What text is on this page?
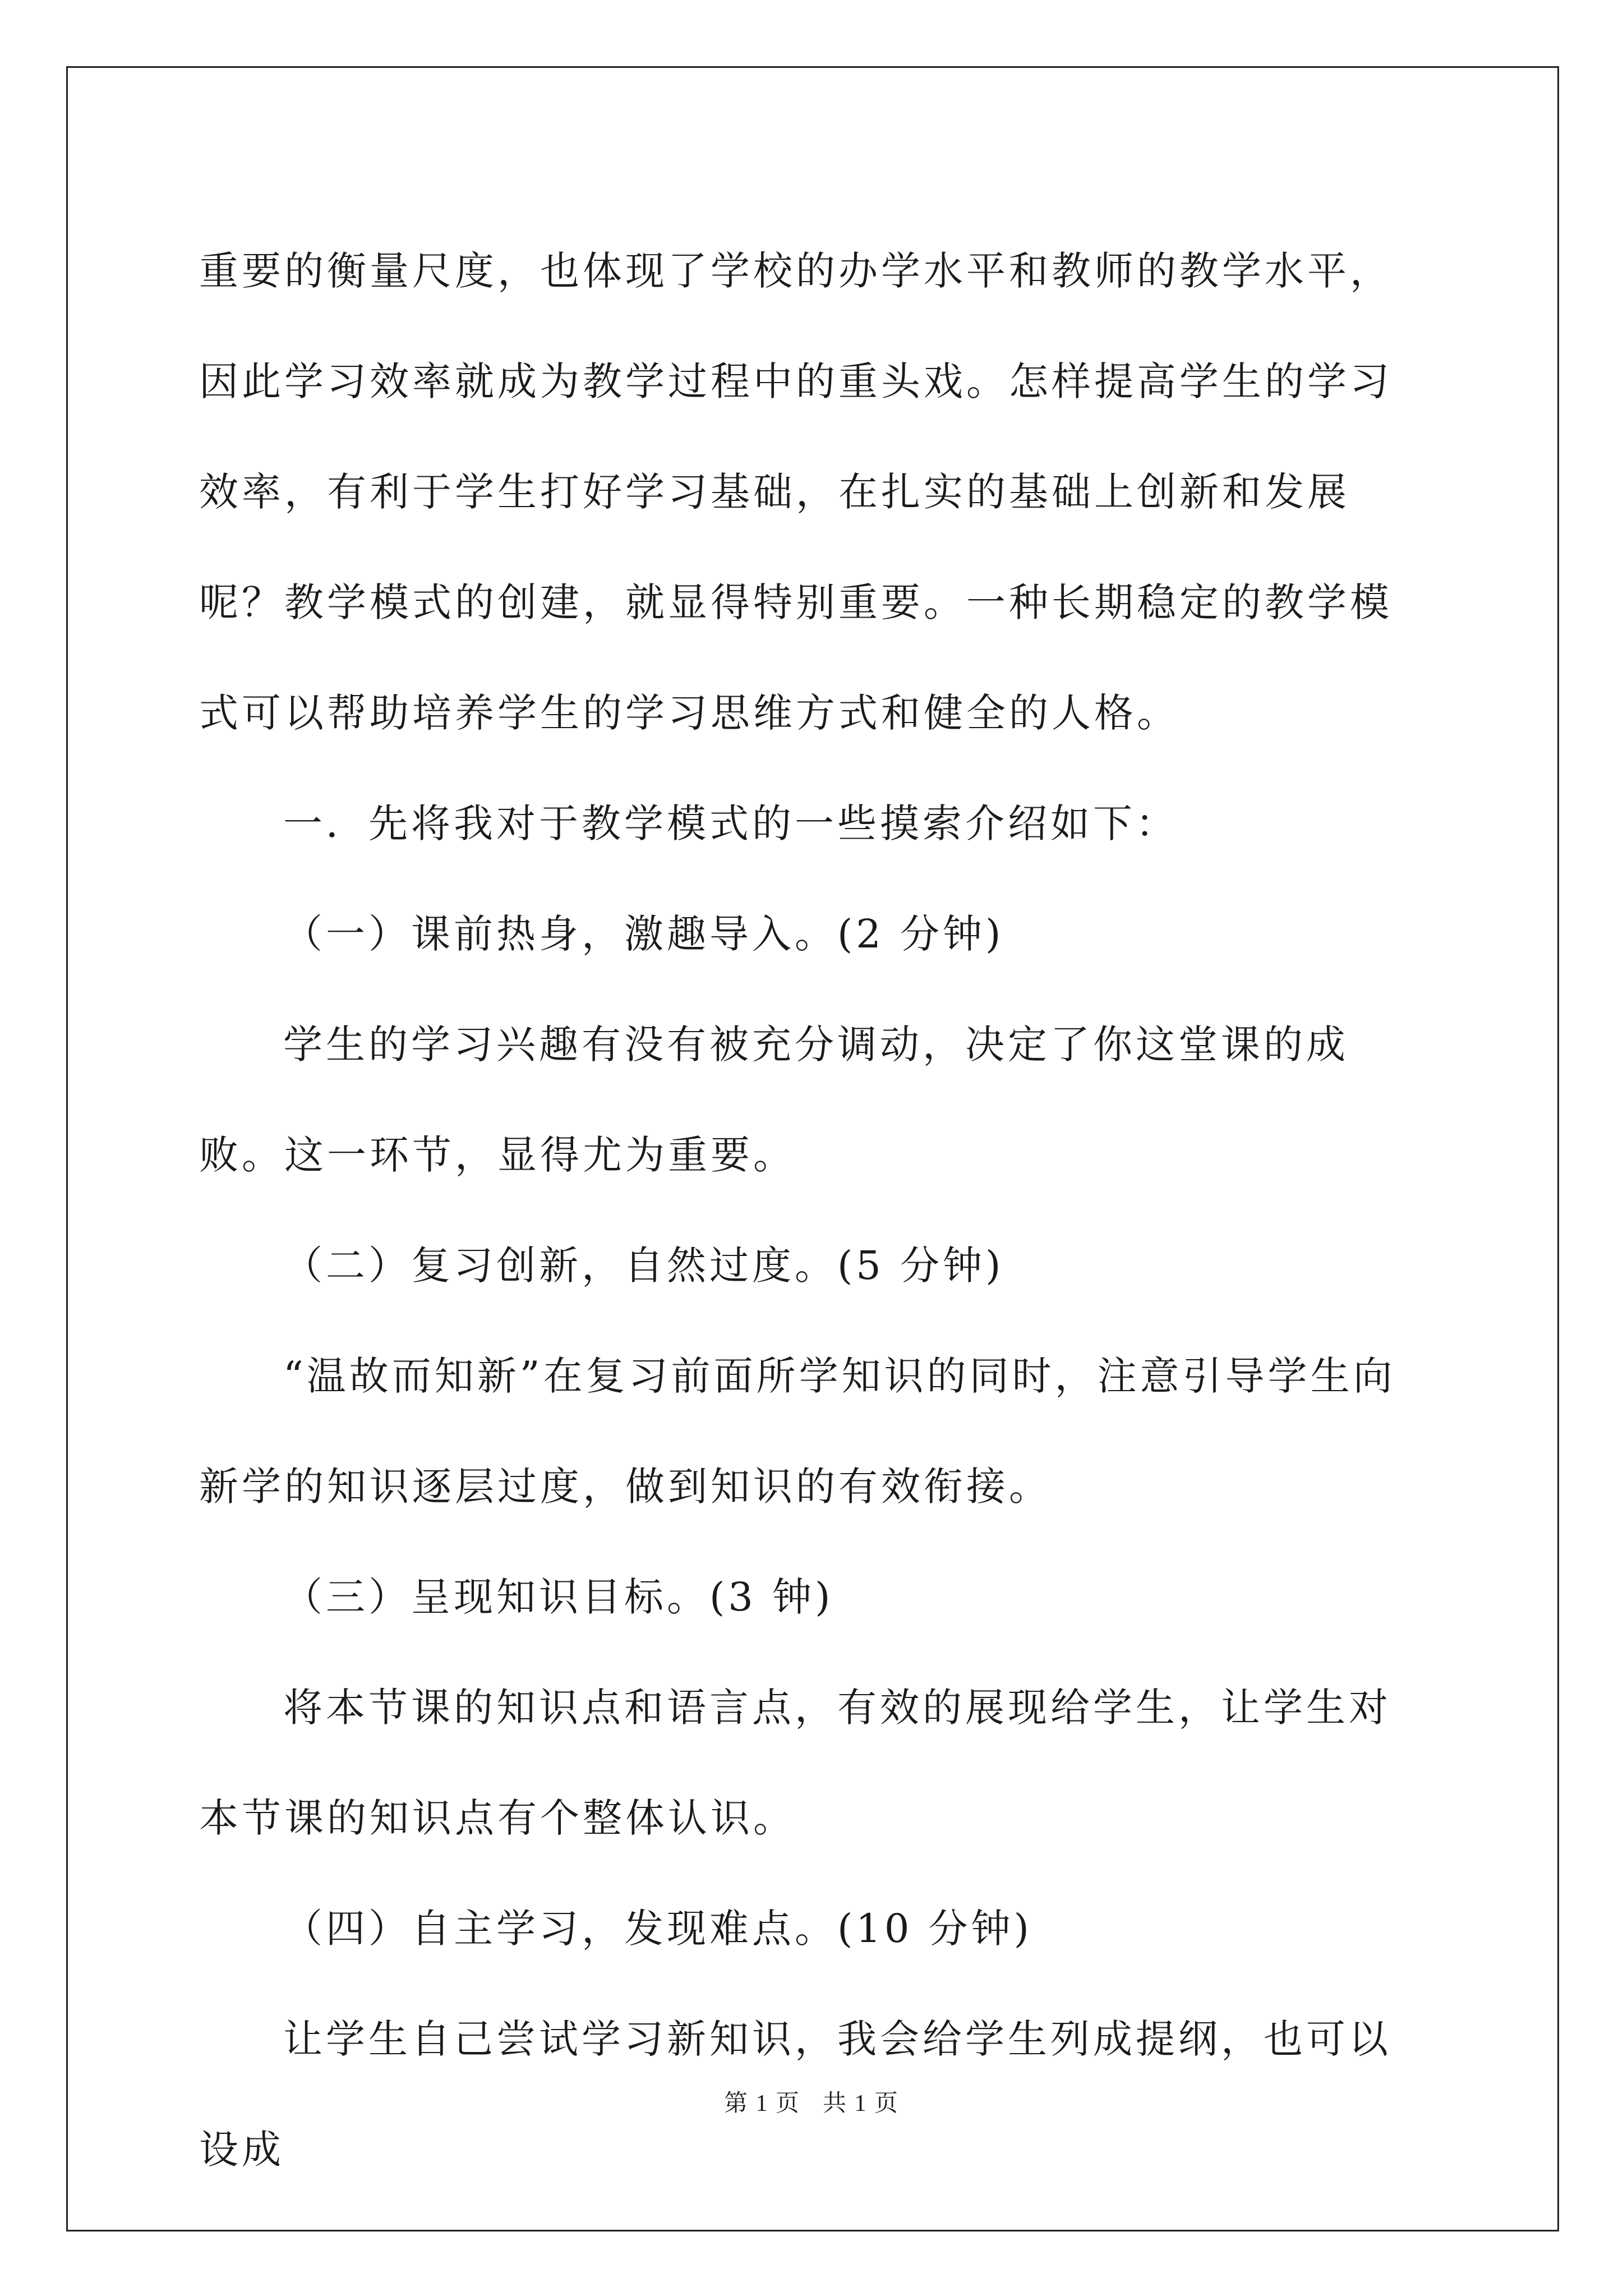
重要的衡量尺度，也体现了学校的办学水平和教师的教学水平，因此学习效率就成为教学过程中的重头戏。怎样提高学生的学习效率，有利于学生打好学习基础，在扎实的基础上创新和发展呢？教学模式的创建，就显得特别重要。一种长期稳定的教学模式可以帮助培养学生的学习思维方式和健全的人格。

一．先将我对于教学模式的一些摸索介绍如下：

（一）课前热身，激趣导入。(2 分钟)

学生的学习兴趣有没有被充分调动，决定了你这堂课的成败。这一环节，显得尤为重要。

（二）复习创新，自然过度。(5 分钟)

“温故而知新”在复习前面所学知识的同时，注意引导学生向新学的知识逐层过度，做到知识的有效衔接。

（三）呈现知识目标。(3 钟)

将本节课的知识点和语言点，有效的展现给学生，让学生对本节课的知识点有个整体认识。

（四）自主学习，发现难点。(10 分钟)

让学生自己尝试学习新知识，我会给学生列成提纲，也可以设成

第 1 页 共 1 页
